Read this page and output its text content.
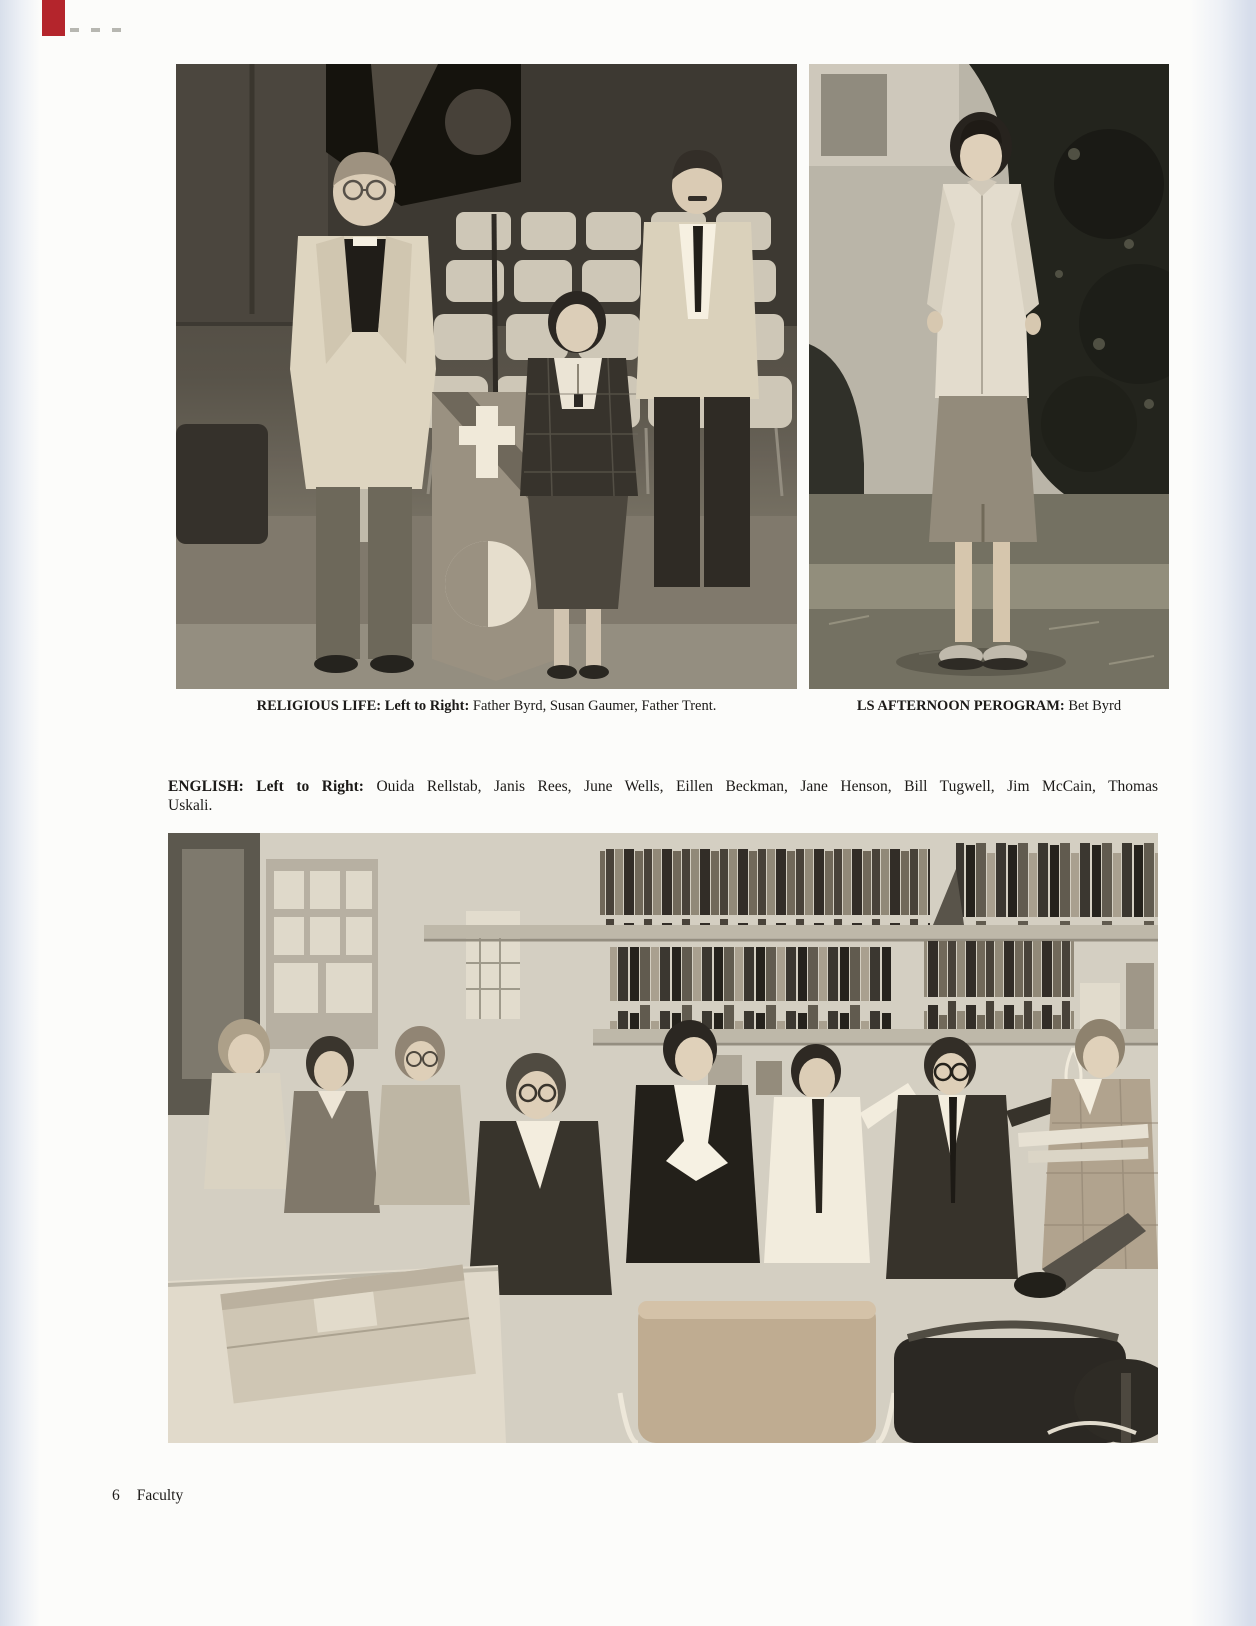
RELIGIOUS LIFE: Left to Right: Father Byrd, Susan Gaumer, Father Trent.	LS AFTERNOON PEROGRAM: Bet Byrd
ENGLISH: Left to Right: Ouida Rellstab, Janis Rees, June Wells, Eillen Beckman, Jane Henson, Bill Tugwell, Jim McCain, Thomas
Uskali.
6 Faculty
